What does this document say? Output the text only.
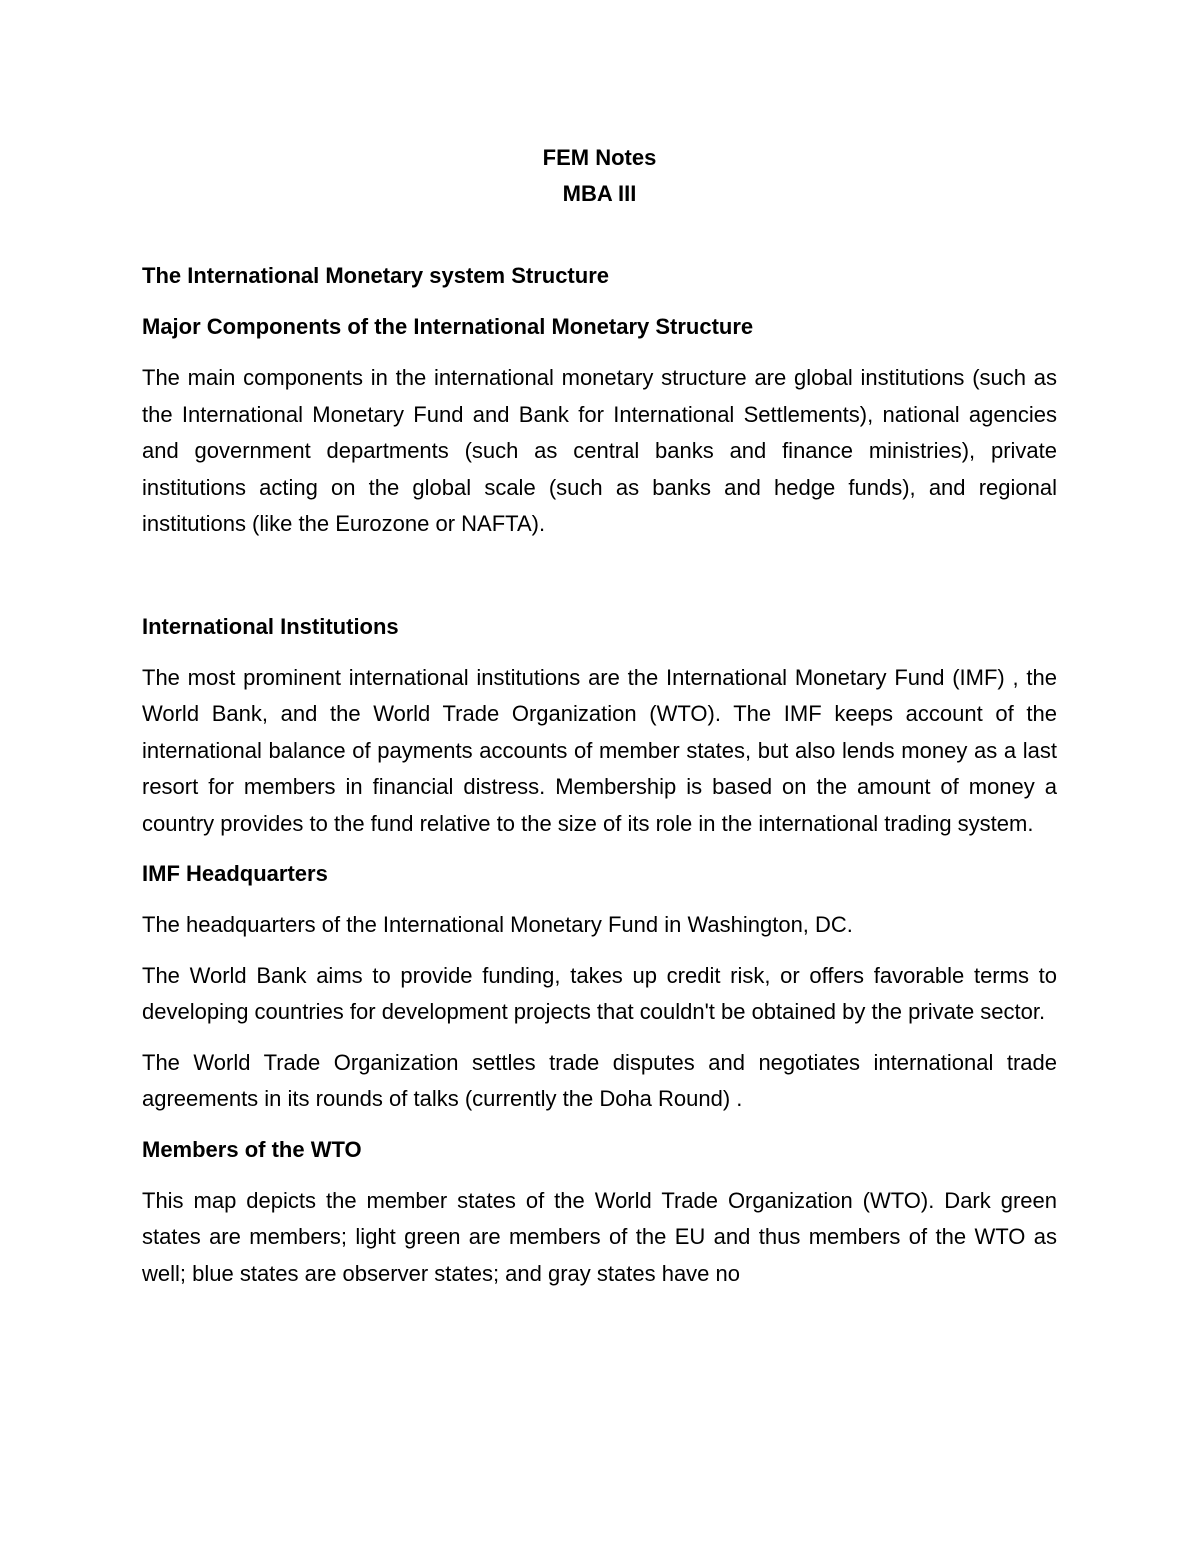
FEM Notes
MBA III
The International Monetary system Structure
Major Components of the International Monetary Structure

The main components in the international monetary structure are global institutions (such as the International Monetary Fund and Bank for International Settlements), national agencies and government departments (such as central banks and finance ministries), private institutions acting on the global scale (such as banks and hedge funds), and regional institutions (like the Eurozone or NAFTA).

International Institutions

The most prominent international institutions are the International Monetary Fund (IMF) , the World Bank, and the World Trade Organization (WTO). The IMF keeps account of the international balance of payments accounts of member states, but also lends money as a last resort for members in financial distress. Membership is based on the amount of money a country provides to the fund relative to the size of its role in the international trading system.

IMF Headquarters

The headquarters of the International Monetary Fund in Washington, DC.

The World Bank aims to provide funding, takes up credit risk, or offers favorable terms to developing countries for development projects that couldn't be obtained by the private sector.

The World Trade Organization settles trade disputes and negotiates international trade agreements in its rounds of talks (currently the Doha Round) .

Members of the WTO

This map depicts the member states of the World Trade Organization (WTO). Dark green states are members; light green are members of the EU and thus members of the WTO as well; blue states are observer states; and gray states have no
